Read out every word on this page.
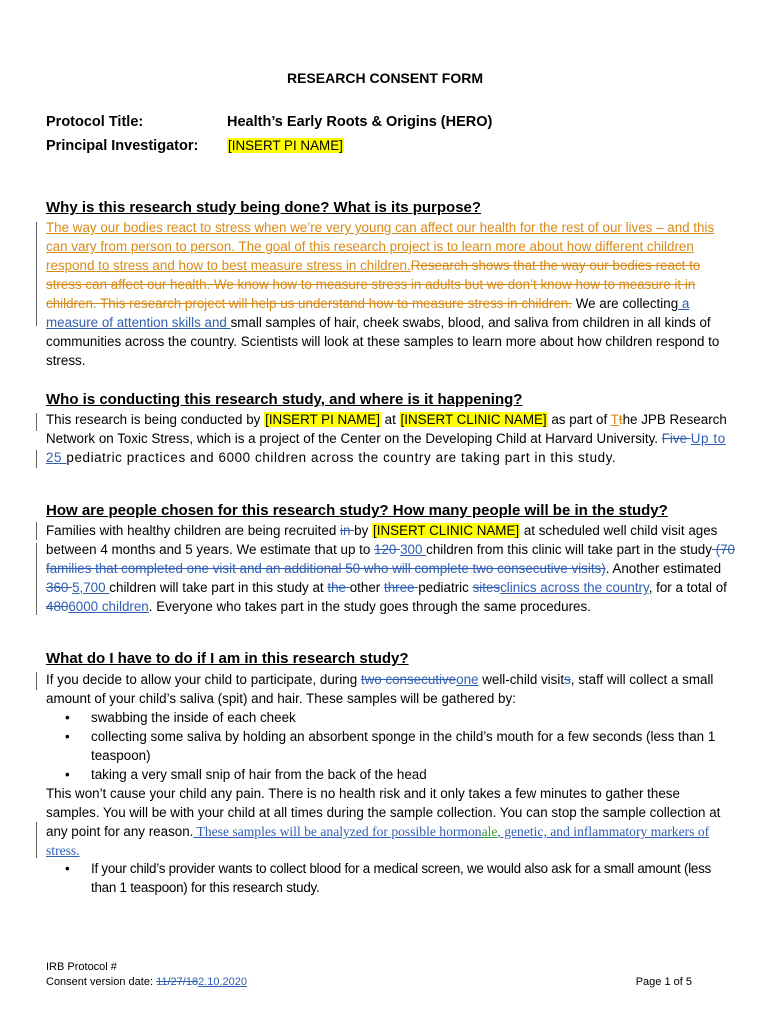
RESEARCH CONSENT FORM
Protocol Title:	Health’s Early Roots & Origins (HERO)
Principal Investigator: [INSERT PI NAME]
Why is this research study being done? What is its purpose?
The way our bodies react to stress when we’re very young can affect our health for the rest of our lives – and this can vary from person to person. The goal of this research project is to learn more about how different children respond to stress and how to best measure stress in children.Research shows that the way our bodies react to stress can affect our health. We know how to measure stress in adults but we don’t know how to measure it in children. This research project will help us understand how to measure stress in children. We are collecting a measure of attention skills and small samples of hair, cheek swabs, blood, and saliva from children in all kinds of communities across the country. Scientists will look at these samples to learn more about how children respond to stress.
Who is conducting this research study, and where is it happening?
This research is being conducted by [INSERT PI NAME] at [INSERT CLINIC NAME] as part of Tthe JPB Research Network on Toxic Stress, which is a project of the Center on the Developing Child at Harvard University. Five Up to 25 pediatric practices and 6000 children across the country are taking part in this study.
How are people chosen for this research study? How many people will be in the study?
Families with healthy children are being recruited in by [INSERT CLINIC NAME] at scheduled well child visit ages between 4 months and 5 years. We estimate that up to 120 300 children from this clinic will take part in the study (70 families that completed one visit and an additional 50 who will complete two consecutive visits). Another estimated 360 5,700 children will take part in this study at the other three pediatric sitesclinics across the country, for a total of 4806000 children. Everyone who takes part in the study goes through the same procedures.
What do I have to do if I am in this research study?
If you decide to allow your child to participate, during two consecutiveone well-child visits, staff will collect a small amount of your child’s saliva (spit) and hair. These samples will be gathered by:
• swabbing the inside of each cheek
• collecting some saliva by holding an absorbent sponge in the child’s mouth for a few seconds (less than 1 teaspoon)
• taking a very small snip of hair from the back of the head
This won’t cause your child any pain. There is no health risk and it only takes a few minutes to gather these samples. You will be with your child at all times during the sample collection. You can stop the sample collection at any point for any reason. These samples will be analyzed for possible hormonale, genetic, and inflammatory markers of stress.
• If your child’s provider wants to collect blood for a medical screen, we would also ask for a small amount (less than 1 teaspoon) for this research study.
IRB Protocol #
Consent version date: 11/27/182.10.2020	Page 1 of 5
